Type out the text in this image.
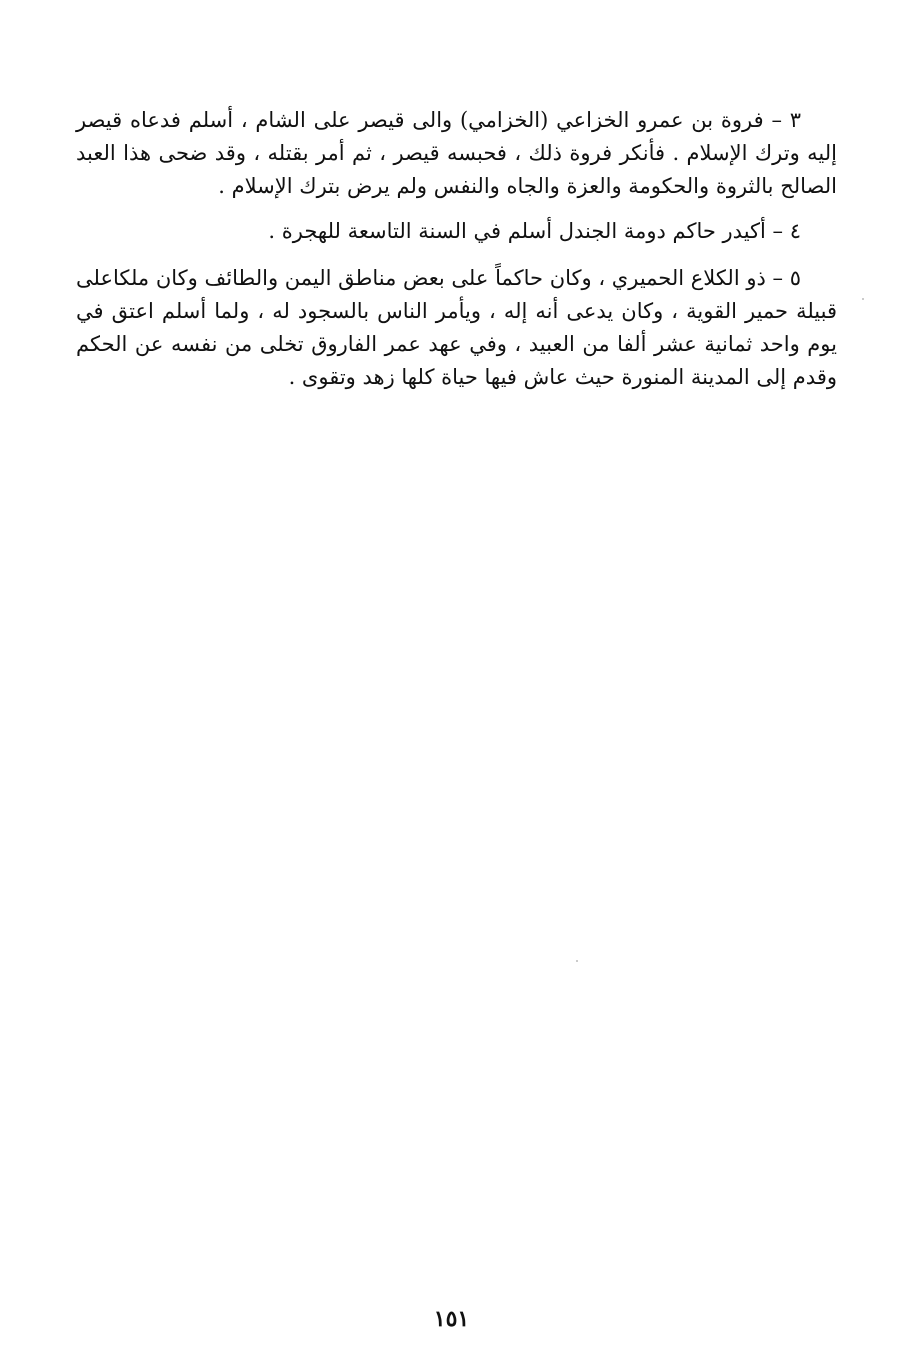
٣ – فروة بن عمرو الخزاعي (الخزامي) والى قيصر على الشام ، أسلم فدعاه قيصر إليه وترك الإسلام . فأنكر فروة ذلك ، فحبسه قيصر ، ثم أمر بقتله ، وقد ضحى هذا العبد الصالح بالثروة والحكومة والعزة والجاه والنفس ولم يرض بترك الإسلام .

٤ – أكيدر حاكم دومة الجندل أسلم في السنة التاسعة للهجرة .

٥ – ذو الكلاع الحميري ، وكان حاكماً على بعض مناطق اليمن والطائف وكان ملكاعلى قبيلة حمير القوية ، وكان يدعى أنه إله ، ويأمر الناس بالسجود له ، ولما أسلم اعتق في يوم واحد ثمانية عشر ألفا من العبيد ، وفي عهد عمر الفاروق تخلى من نفسه عن الحكم وقدم إلى المدينة المنورة حيث عاش فيها حياة كلها زهد وتقوى .

١٥١
